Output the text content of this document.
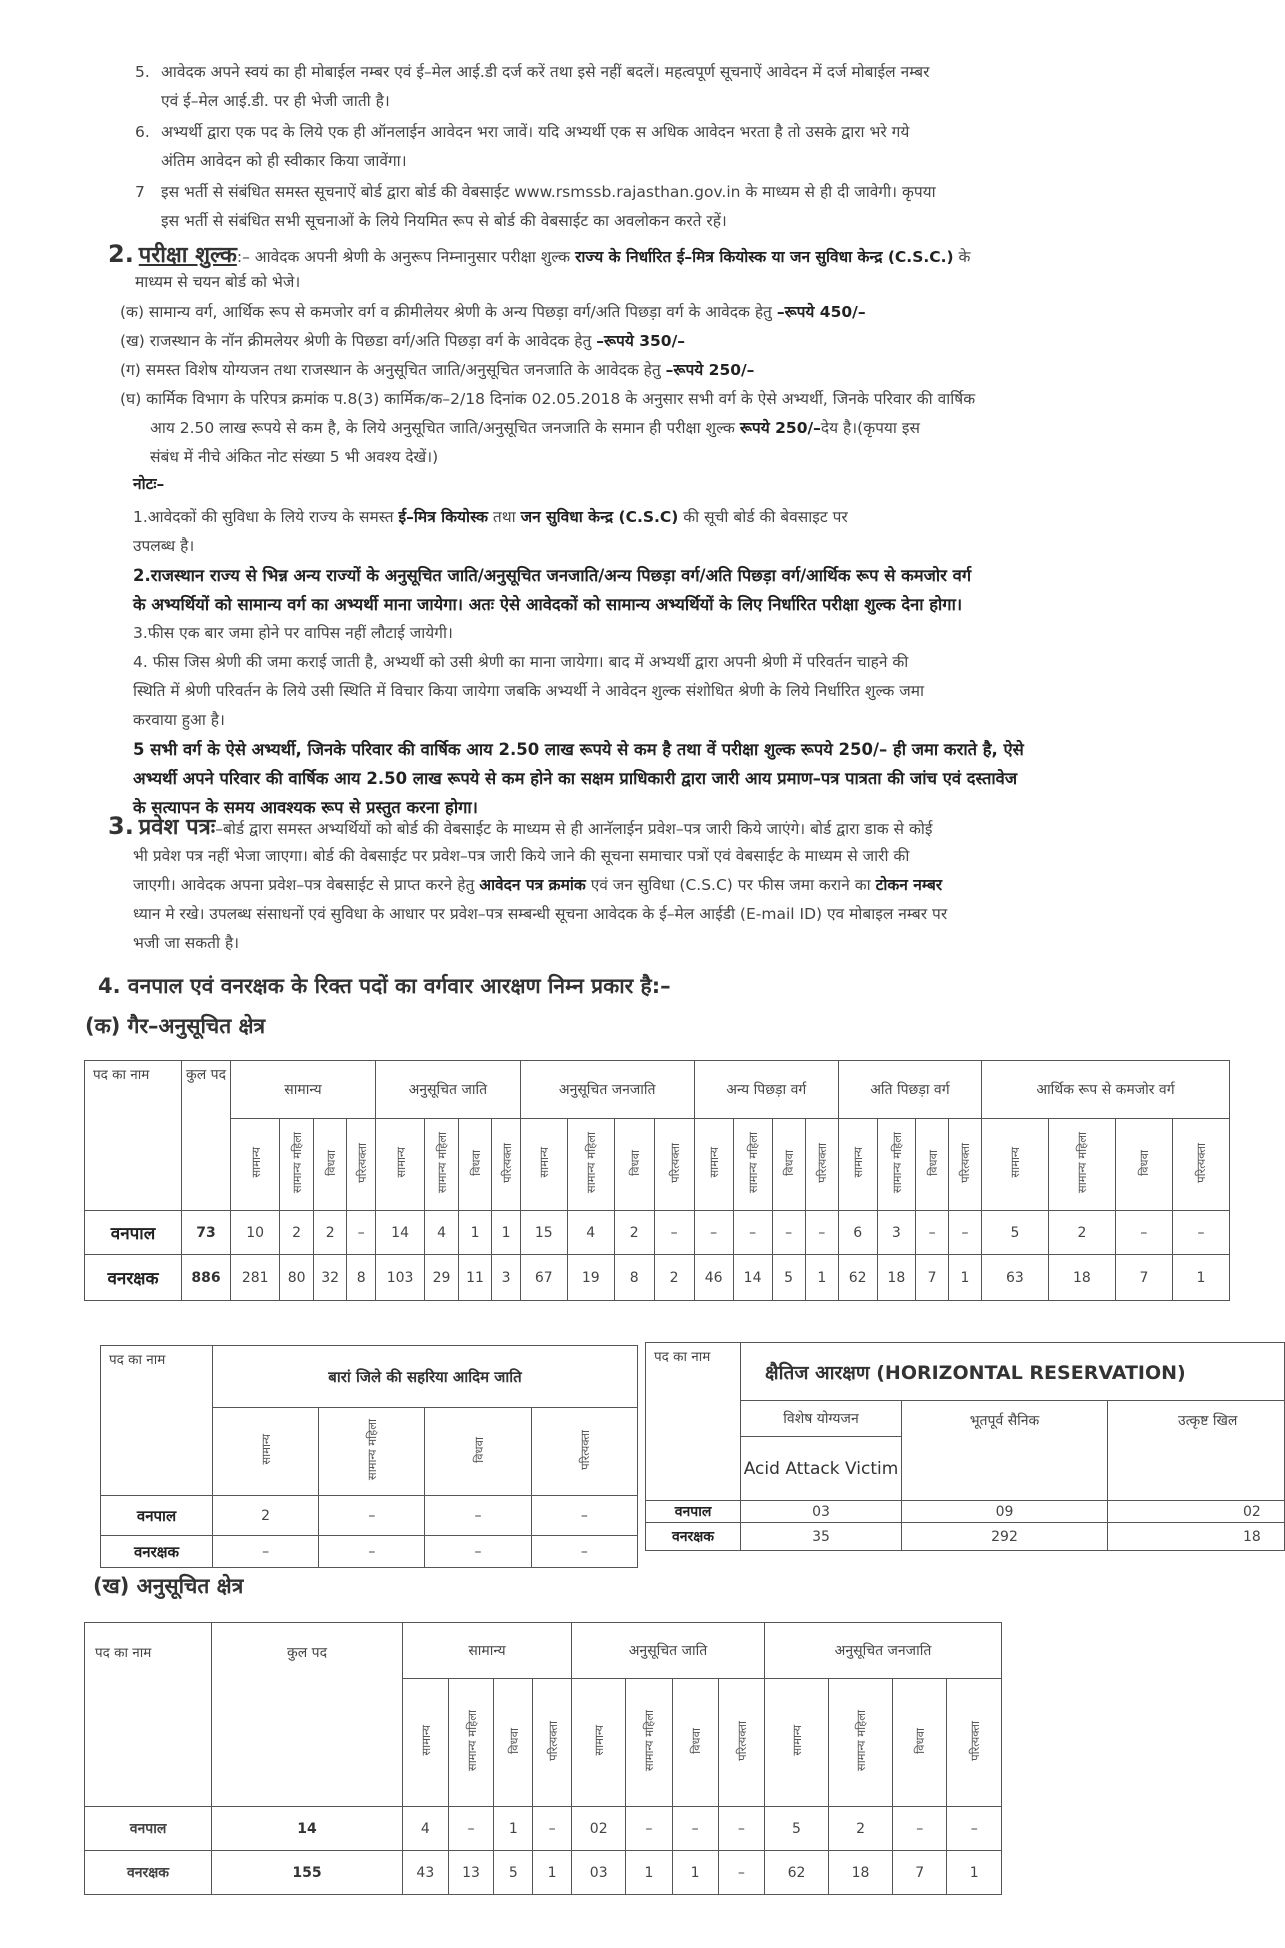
5. आवेदक अपने स्वयं का ही मोबाईल नम्बर एवं ई–मेल आई.डी दर्ज करें तथा इसे नहीं बदलें। महत्वपूर्ण सूचनाऐं आवेदन में दर्ज मोबाईल नम्बर
एवं ई–मेल आई.डी. पर ही भेजी जाती है।
6. अभ्यर्थी द्वारा एक पद के लिये एक ही ऑनलाईन आवेदन भरा जावें। यदि अभ्यर्थी एक स अधिक आवेदन भरता है तो उसके द्वारा भरे गये
अंतिम आवेदन को ही स्वीकार किया जावेंगा।
7 इस भर्ती से संबंधित समस्त सूचनाऐं बोर्ड द्वारा बोर्ड की वेबसाईट www.rsmssb.rajasthan.gov.in के माध्यम से ही दी जावेगी। कृपया
इस भर्ती से संबंधित सभी सूचनाओं के लिये नियमित रूप से बोर्ड की वेबसाईट का अवलोकन करते रहें।
2. परीक्षा शुल्क:– आवेदक अपनी श्रेणी के अनुरूप निम्नानुसार परीक्षा शुल्क राज्य के निर्धारित ई–मित्र कियोस्क या जन सुविधा केन्द्र (C.S.C.) के
माध्यम से चयन बोर्ड को भेजे।
(क) सामान्य वर्ग, आर्थिक रूप से कमजोर वर्ग व क्रीमीलेयर श्रेणी के अन्य पिछड़ा वर्ग/अति पिछड़ा वर्ग के आवेदक हेतु –रूपये 450/–
(ख) राजस्थान के नॉन क्रीमलेयर श्रेणी के पिछडा वर्ग/अति पिछड़ा वर्ग के आवेदक हेतु –रूपये 350/–
(ग) समस्त विशेष योग्यजन तथा राजस्थान के अनुसूचित जाति/अनुसूचित जनजाति के आवेदक हेतु –रूपये 250/–
(घ) कार्मिक विभाग के परिपत्र क्रमांक प.8(3) कार्मिक/क–2/18 दिनांक 02.05.2018 के अनुसार सभी वर्ग के ऐसे अभ्यर्थी, जिनके परिवार की वार्षिक
आय 2.50 लाख रूपये से कम है, के लिये अनुसूचित जाति/अनुसूचित जनजाति के समान ही परीक्षा शुल्क रूपये 250/–देय है।(कृपया इस
संबंध में नीचे अंकित नोट संख्या 5 भी अवश्य देखें।)
नोटः–
1.आवेदकों की सुविधा के लिये राज्य के समस्त ई–मित्र कियोस्क तथा जन सुविधा केन्द्र (C.S.C) की सूची बोर्ड की बेवसाइट पर
उपलब्ध है।
2.राजस्थान राज्य से भिन्न अन्य राज्यों के अनुसूचित जाति/अनुसूचित जनजाति/अन्य पिछड़ा वर्ग/अति पिछड़ा वर्ग/आर्थिक रूप से कमजोर वर्ग
के अभ्यर्थियों को सामान्य वर्ग का अभ्यर्थी माना जायेगा। अतः ऐसे आवेदकों को सामान्य अभ्यर्थियों के लिए निर्धारित परीक्षा शुल्क देना होगा।
3.फीस एक बार जमा होने पर वापिस नहीं लौटाई जायेगी।
4. फीस जिस श्रेणी की जमा कराई जाती है, अभ्यर्थी को उसी श्रेणी का माना जायेगा। बाद में अभ्यर्थी द्वारा अपनी श्रेणी में परिवर्तन चाहने की
स्थिति में श्रेणी परिवर्तन के लिये उसी स्थिति में विचार किया जायेगा जबकि अभ्यर्थी ने आवेदन शुल्क संशोधित श्रेणी के लिये निर्धारित शुल्क जमा
करवाया हुआ है।
5 सभी वर्ग के ऐसे अभ्यर्थी, जिनके परिवार की वार्षिक आय 2.50 लाख रूपये से कम है तथा वें परीक्षा शुल्क रूपये 250/– ही जमा कराते है, ऐसे
अभ्यर्थी अपने परिवार की वार्षिक आय 2.50 लाख रूपये से कम होने का सक्षम प्राधिकारी द्वारा जारी आय प्रमाण–पत्र पात्रता की जांच एवं दस्तावेज
के सत्यापन के समय आवश्यक रूप से प्रस्तुत करना होगा।
3. प्रवेश पत्रः–बोर्ड द्वारा समस्त अभ्यर्थियों को बोर्ड की वेबसाईट के माध्यम से ही आनॅलाईन प्रवेश–पत्र जारी किये जाएंगे। बोर्ड द्वारा डाक से कोई
भी प्रवेश पत्र नहीं भेजा जाएगा। बोर्ड की वेबसाईट पर प्रवेश–पत्र जारी किये जाने की सूचना समाचार पत्रों एवं वेबसाईट के माध्यम से जारी की
जाएगी। आवेदक अपना प्रवेश–पत्र वेबसाईट से प्राप्त करने हेतु आवेदन पत्र क्रमांक एवं जन सुविधा (C.S.C) पर फीस जमा कराने का टोकन नम्बर
ध्यान मे रखे। उपलब्ध संसाधनों एवं सुविधा के आधार पर प्रवेश–पत्र सम्बन्धी सूचना आवेदक के ई–मेल आईडी (E-mail ID) एव मोबाइल नम्बर पर
भजी जा सकती है।
4. वनपाल एवं वनरक्षक के रिक्त पदों का वर्गवार आरक्षण निम्न प्रकार है:–
(क) गैर–अनुसूचित क्षेत्र
पद का नाम	कुल पद	सामान्य				अनुसूचित जाति				अनुसूचित जनजाति				अन्य पिछड़ा वर्ग				अति पिछड़ा वर्ग				आर्थिक रूप से कमजोर वर्ग			
		सामान्य	सामान्य महिला	विधवा	परित्यक्ता	सामान्य	सामान्य महिला	विधवा	परित्यक्ता	सामान्य	सामान्य महिला	विधवा	परित्यक्ता	सामान्य	सामान्य महिला	विधवा	परित्यक्ता	सामान्य	सामान्य महिला	विधवा	परित्यक्ता	सामान्य	सामान्य महिला	विधवा	परित्यक्ता
वनपाल	73	10	2	2	–	14	4	1	1	15	4	2	–	–	–	–	–	6	3	–	–	5	2	–	–
वनरक्षक	886	281	80	32	8	103	29	11	3	67	19	8	2	46	14	5	1	62	18	7	1	63	18	7	1
पद का नाम	बारां जिले की सहरिया आदिम जाति			
	सामान्य	सामान्य महिला	विधवा	परित्यक्ता
वनपाल	2	–	–	–
वनरक्षक	–	–	–	–
पद का नाम	क्षैतिज आरक्षण (HORIZONTAL RESERVATION)		
	विशेष योग्यजन	भूतपूर्व सैनिक	उत्कृष्ट खिल
	Acid Attack Victim		
वनपाल	03	09	02
वनरक्षक	35	292	18
(ख) अनुसूचित क्षेत्र
पद का नाम	कुल पद	सामान्य				अनुसूचित जाति				अनुसूचित जनजाति			
		सामान्य	सामान्य महिला	विधवा	परित्यक्ता	सामान्य	सामान्य महिला	विधवा	परित्यक्ता	सामान्य	सामान्य महिला	विधवा	परित्यक्ता
वनपाल	14	4	–	1	–	02	–	–	–	5	2	–	–
वनरक्षक	155	43	13	5	1	03	1	1	–	62	18	7	1
